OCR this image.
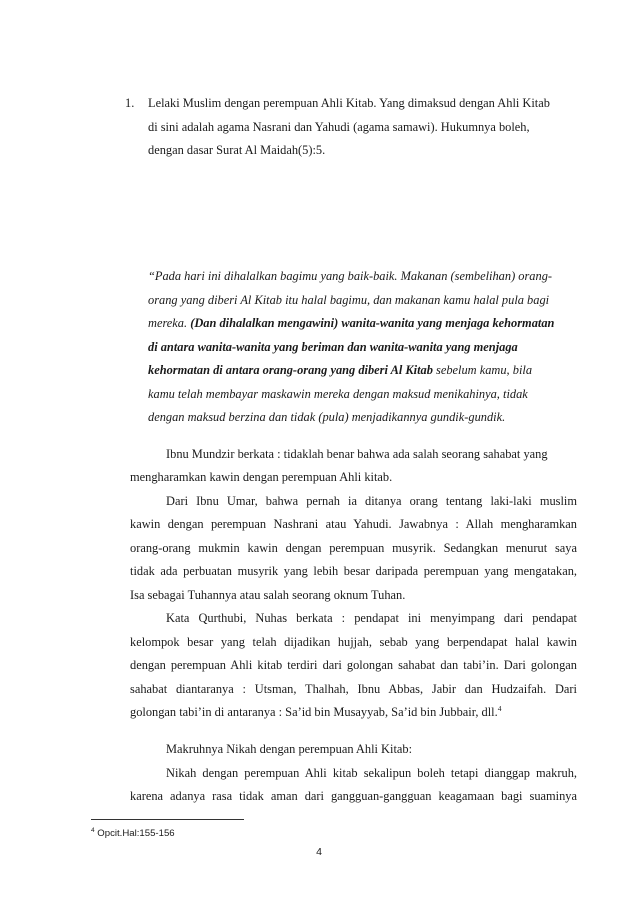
1. Lelaki Muslim dengan perempuan Ahli Kitab. Yang dimaksud dengan Ahli Kitab
di sini adalah agama Nasrani dan Yahudi (agama samawi). Hukumnya boleh,
dengan dasar Surat Al Maidah(5):5.
“Pada hari ini dihalalkan bagimu yang baik-baik. Makanan (sembelihan) orang-
orang yang diberi Al Kitab itu halal bagimu, dan makanan kamu halal pula bagi
mereka. (Dan dihalalkan mengawini) wanita-wanita yang menjaga kehormatan
di antara wanita-wanita yang beriman dan wanita-wanita yang menjaga
kehormatan di antara orang-orang yang diberi Al Kitab sebelum kamu, bila
kamu telah membayar maskawin mereka dengan maksud menikahinya, tidak
dengan maksud berzina dan tidak (pula) menjadikannya gundik-gundik.
Ibnu Mundzir berkata : tidaklah benar bahwa ada salah seorang sahabat yang
mengharamkan kawin dengan perempuan Ahli kitab.
Dari Ibnu Umar, bahwa pernah ia ditanya orang tentang laki-laki muslim
kawin dengan perempuan Nashrani atau Yahudi. Jawabnya : Allah mengharamkan
orang-orang mukmin kawin dengan perempuan musyrik. Sedangkan menurut saya
tidak ada perbuatan musyrik yang lebih besar daripada perempuan yang mengatakan,
Isa sebagai Tuhannya atau salah seorang oknum Tuhan.
Kata Qurthubi, Nuhas berkata : pendapat ini menyimpang dari pendapat
kelompok besar yang telah dijadikan hujjah, sebab yang berpendapat halal kawin
dengan perempuan Ahli kitab terdiri dari golongan sahabat dan tabi’in. Dari golongan
sahabat diantaranya : Utsman, Thalhah, Ibnu Abbas, Jabir dan Hudzaifah. Dari
golongan tabi’in di antaranya : Sa’id bin Musayyab, Sa’id bin Jubbair, dll.$^4$
Makruhnya Nikah dengan perempuan Ahli Kitab:
Nikah dengan perempuan Ahli kitab sekalipun boleh tetapi dianggap makruh,
karena adanya rasa tidak aman dari gangguan-gangguan keagamaan bagi suaminya
$^4$ Opcit.Hal:155-156
4
